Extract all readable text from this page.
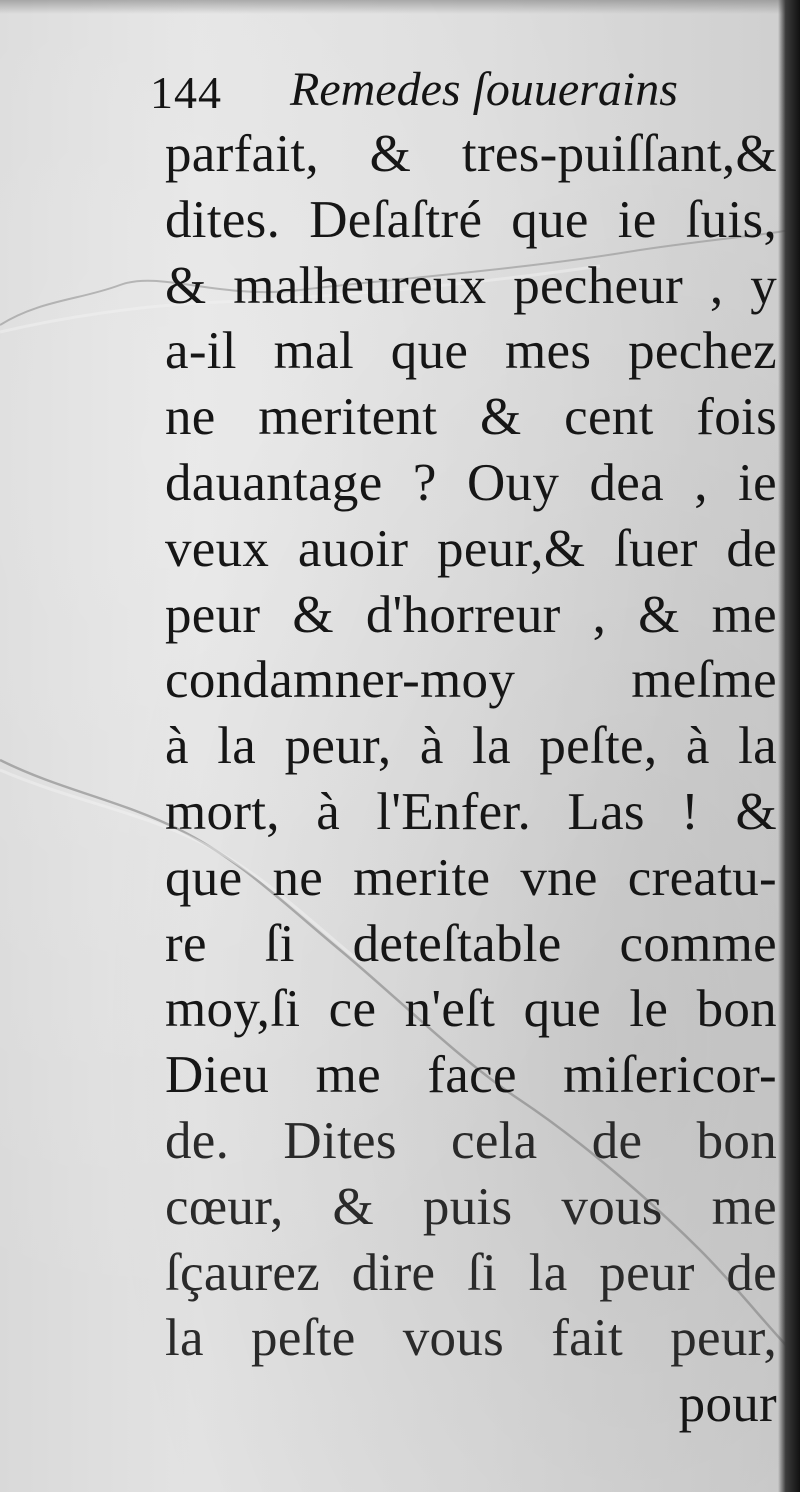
144 Remedes ſouuerains
parfait, & tres-puiſſant,&
dites. Deſaſtré que ie ſuis,
& malheureux pecheur , y
a-il mal que mes pechez
ne meritent & cent fois
dauantage ? Ouy dea , ie
veux auoir peur,& ſuer de
peur & d'horreur , & me
condamner-moy meſme
à la peur, à la peſte, à la
mort, à l'Enfer. Las ! &
que ne merite vne creatu-
re ſi deteſtable comme
moy,ſi ce n'eſt que le bon
Dieu me face miſericor-
de. Dites cela de bon
cœur, & puis vous me
ſçaurez dire ſi la peur de
la peſte vous fait peur,
pour
